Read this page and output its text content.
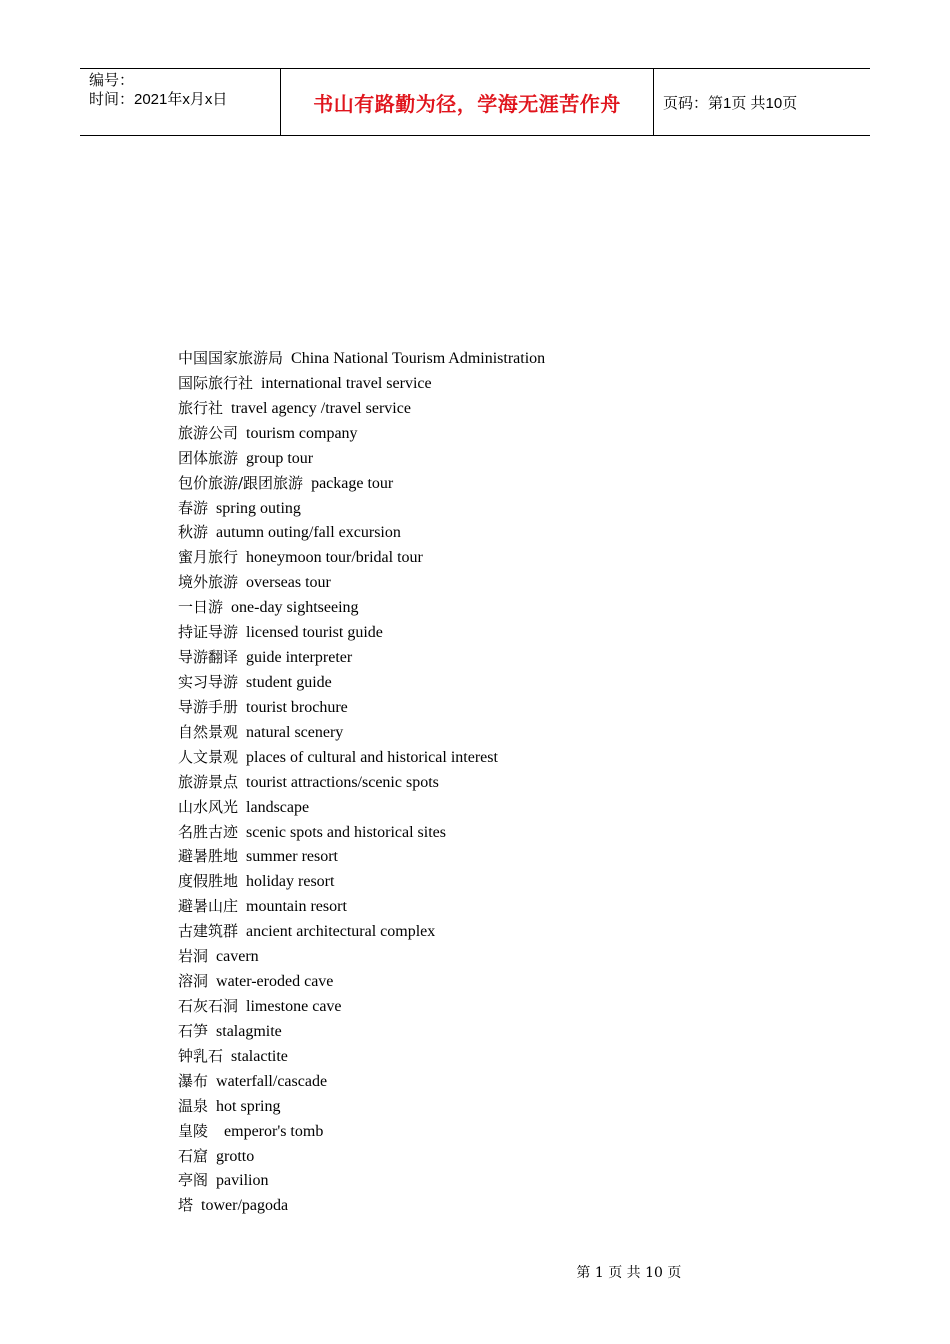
编号：
时间：2021年x月x日	书山有路勤为径，学海无涯苦作舟	页码：第1页 共10页
中国国家旅游局 China National Tourism Administration
国际旅行社 international travel service
旅行社 travel agency /travel service
旅游公司 tourism company
团体旅游 group tour
包价旅游/跟团旅游 package tour
春游 spring outing
秋游 autumn outing/fall excursion
蜜月旅行 honeymoon tour/bridal tour
境外旅游 overseas tour
一日游 one-day sightseeing
持证导游 licensed tourist guide
导游翻译 guide interpreter
实习导游 student guide
导游手册 tourist brochure
自然景观 natural scenery
人文景观 places of cultural and historical interest
旅游景点 tourist attractions/scenic spots
山水风光 landscape
名胜古迹 scenic spots and historical sites
避暑胜地 summer resort
度假胜地 holiday resort
避暑山庄 mountain resort
古建筑群 ancient architectural complex
岩洞 cavern
溶洞 water-eroded cave
石灰石洞 limestone cave
石笋 stalagmite
钟乳石 stalactite
瀑布 waterfall/cascade
温泉 hot spring
皇陵 emperor's tomb
石窟 grotto
亭阁 pavilion
塔 tower/pagoda

第 1 页 共 10 页
